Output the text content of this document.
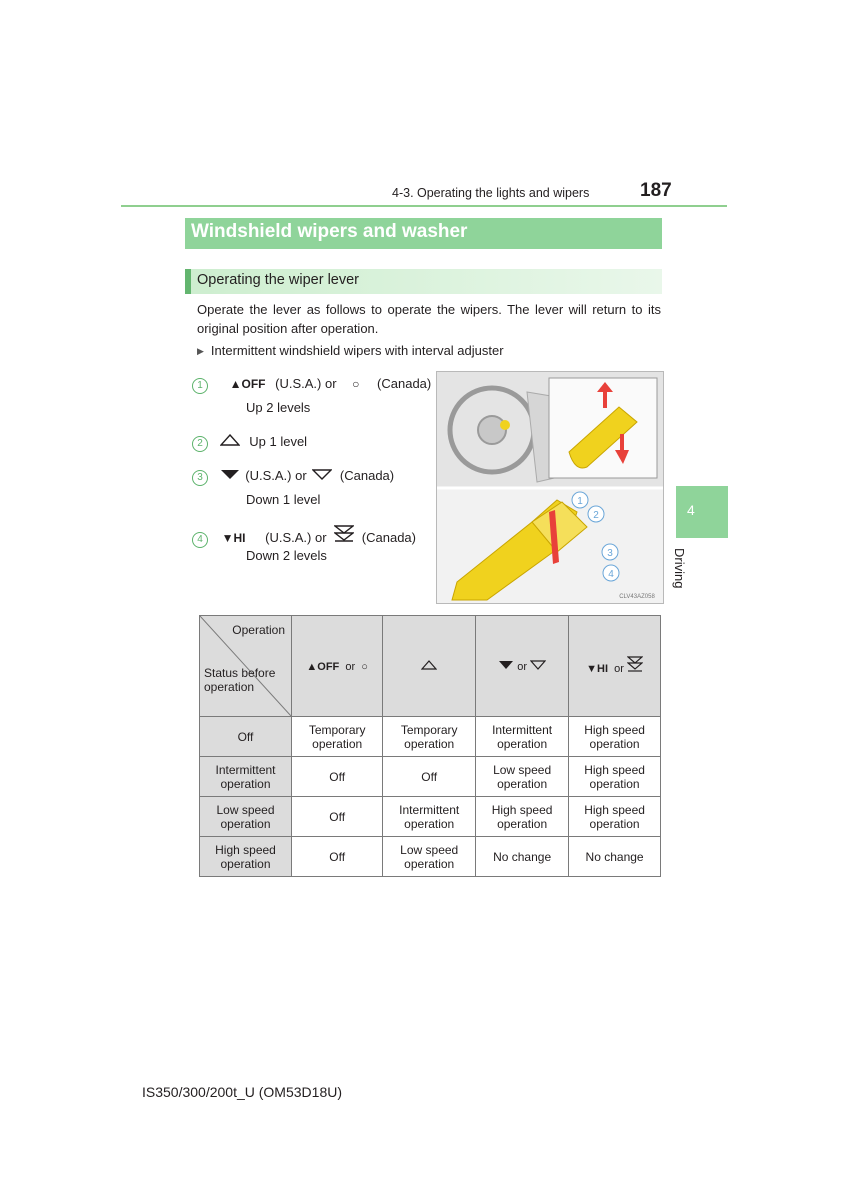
4-3. Operating the lights and wipers	187
Windshield wipers and washer
Operating the wiper lever
Operate the lever as follows to operate the wipers. The lever will return to its original position after operation.
▶ Intermittent windshield wipers with interval adjuster
1 ▲OFF (U.S.A.) or ○ (Canada)
Up 2 levels
2	Up 1 level
3	(U.S.A.) or	(Canada)
Down 1 level
4 ▼HI (U.S.A.) or	(Canada)
Down 2 levels
1
2
3
4
CLV43AZ058
Operation
Status before operation	▲OFF or  ○		or	▼HI or
Off	Temporary operation	Temporary operation	Intermittent operation	High speed operation
Intermittent operation	Off	Off	Low speed operation	High speed operation
Low speed operation	Off	Intermittent operation	High speed operation	High speed operation
High speed operation	Off	Low speed operation	No change	No change
4
Driving
IS350/300/200t_U (OM53D18U)
